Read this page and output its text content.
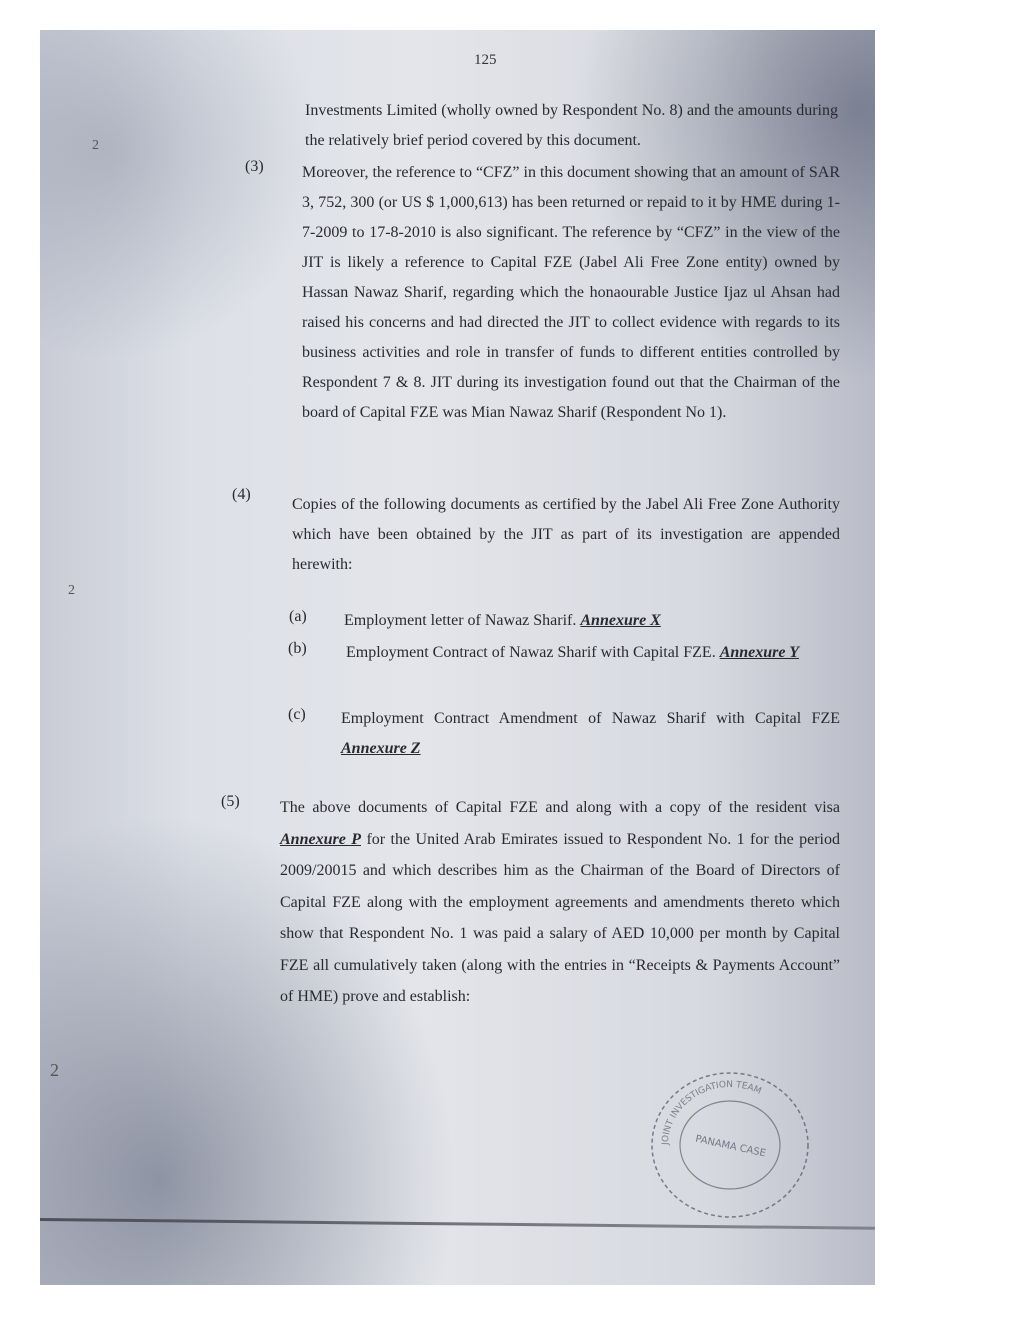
125
2
2
2
Investments Limited (wholly owned by Respondent No. 8) and the amounts during the relatively brief period covered by this document.
(3) Moreover, the reference to “CFZ” in this document showing that an amount of SAR 3, 752, 300 (or US $ 1,000,613) has been returned or repaid to it by HME during 1-7-2009 to 17-8-2010 is also significant. The reference by “CFZ” in the view of the JIT is likely a reference to Capital FZE (Jabel Ali Free Zone entity) owned by Hassan Nawaz Sharif, regarding which the honaourable Justice Ijaz ul Ahsan had raised his concerns and had directed the JIT to collect evidence with regards to its business activities and role in transfer of funds to different entities controlled by Respondent 7 & 8. JIT during its investigation found out that the Chairman of the board of Capital FZE was Mian Nawaz Sharif (Respondent No 1).
(4)
Copies of the following documents as certified by the Jabel Ali Free Zone Authority which have been obtained by the JIT as part of its investigation are appended herewith:
(a) Employment letter of Nawaz Sharif. Annexure X
(b) Employment Contract of Nawaz Sharif with Capital FZE. Annexure Y
(c) Employment Contract Amendment of Nawaz Sharif with Capital FZE Annexure Z
(5)	The above documents of Capital FZE and along with a copy of the resident visa Annexure P for the United Arab Emirates issued to Respondent No. 1 for the period 2009/20015 and which describes him as the Chairman of the Board of Directors of Capital FZE along with the employment agreements and amendments thereto which show that Respondent No. 1 was paid a salary of AED 10,000 per month by Capital FZE all cumulatively taken (along with the entries in “Receipts & Payments Account” of HME) prove and establish:
JOINT INVESTIGATION TEAM
PANAMA CASE
